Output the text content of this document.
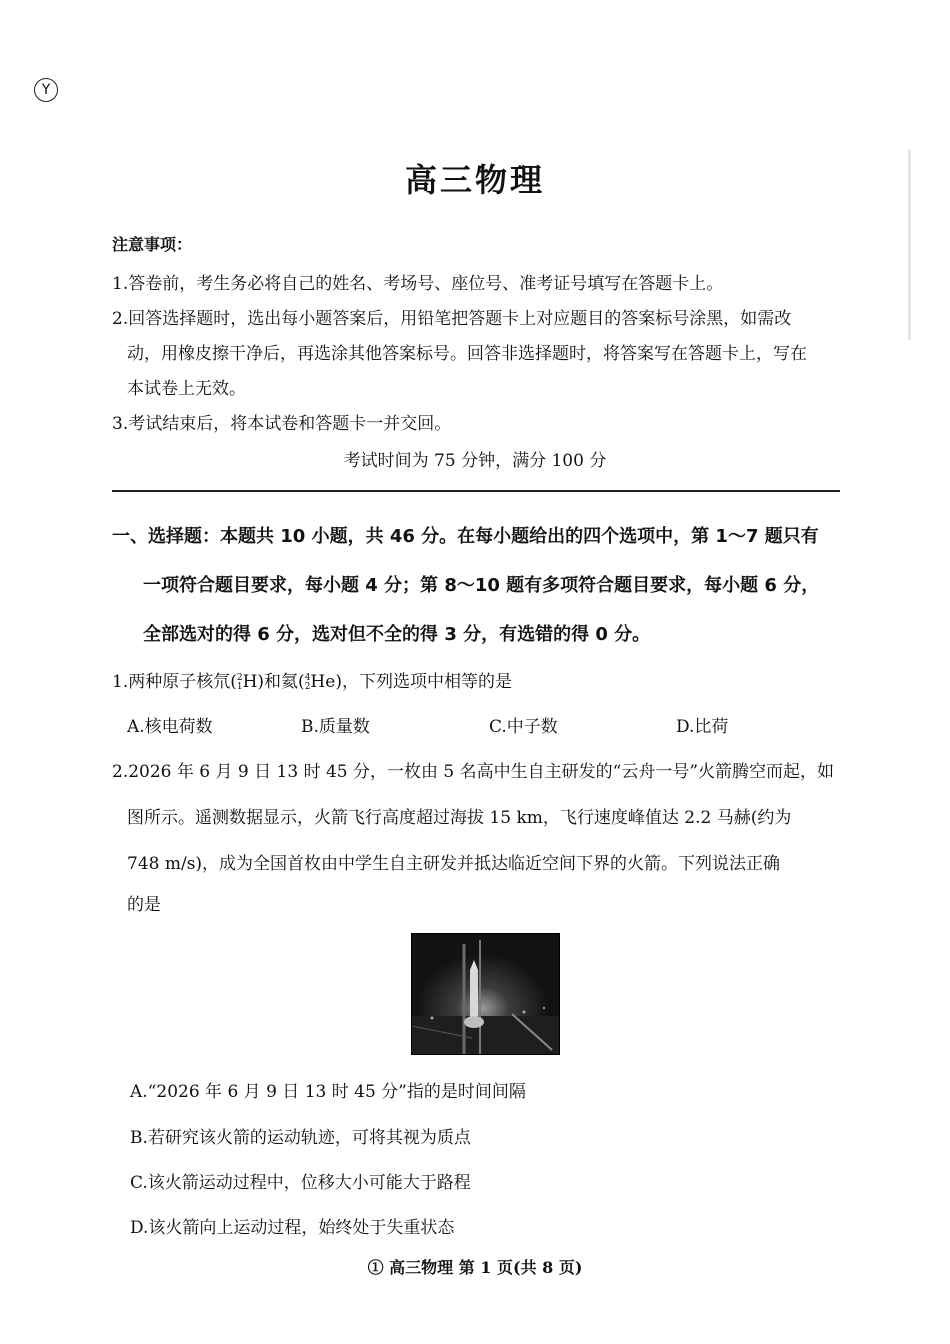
Y
高三物理
注意事项：
1.答卷前，考生务必将自己的姓名、考场号、座位号、准考证号填写在答题卡上。
2.回答选择题时，选出每小题答案后，用铅笔把答题卡上对应题目的答案标号涂黑，如需改
动，用橡皮擦干净后，再选涂其他答案标号。回答非选择题时，将答案写在答题卡上，写在
本试卷上无效。
3.考试结束后，将本试卷和答题卡一并交回。
考试时间为 75 分钟，满分 100 分
一、选择题：本题共 10 小题，共 46 分。在每小题给出的四个选项中，第 1～7 题只有
一项符合题目要求，每小题 4 分；第 8～10 题有多项符合题目要求，每小题 6 分，
全部选对的得 6 分，选对但不全的得 3 分，有选错的得 0 分。
1.两种原子核氘( 2
1 H)和氦( 4
2 He)，下列选项中相等的是
A.核电荷数	B.质量数	C.中子数	D.比荷
2.2026 年 6 月 9 日 13 时 45 分，一枚由 5 名高中生自主研发的“云舟一号”火箭腾空而起，如
图所示。遥测数据显示，火箭飞行高度超过海拔 15 km，飞行速度峰值达 2.2 马赫(约为
748 m/s)，成为全国首枚由中学生自主研发并抵达临近空间下界的火箭。下列说法正确
的是
A.“2026 年 6 月 9 日 13 时 45 分”指的是时间间隔
B.若研究该火箭的运动轨迹，可将其视为质点
C.该火箭运动过程中，位移大小可能大于路程
D.该火箭向上运动过程，始终处于失重状态
① 高三物理 第 1 页(共 8 页)
